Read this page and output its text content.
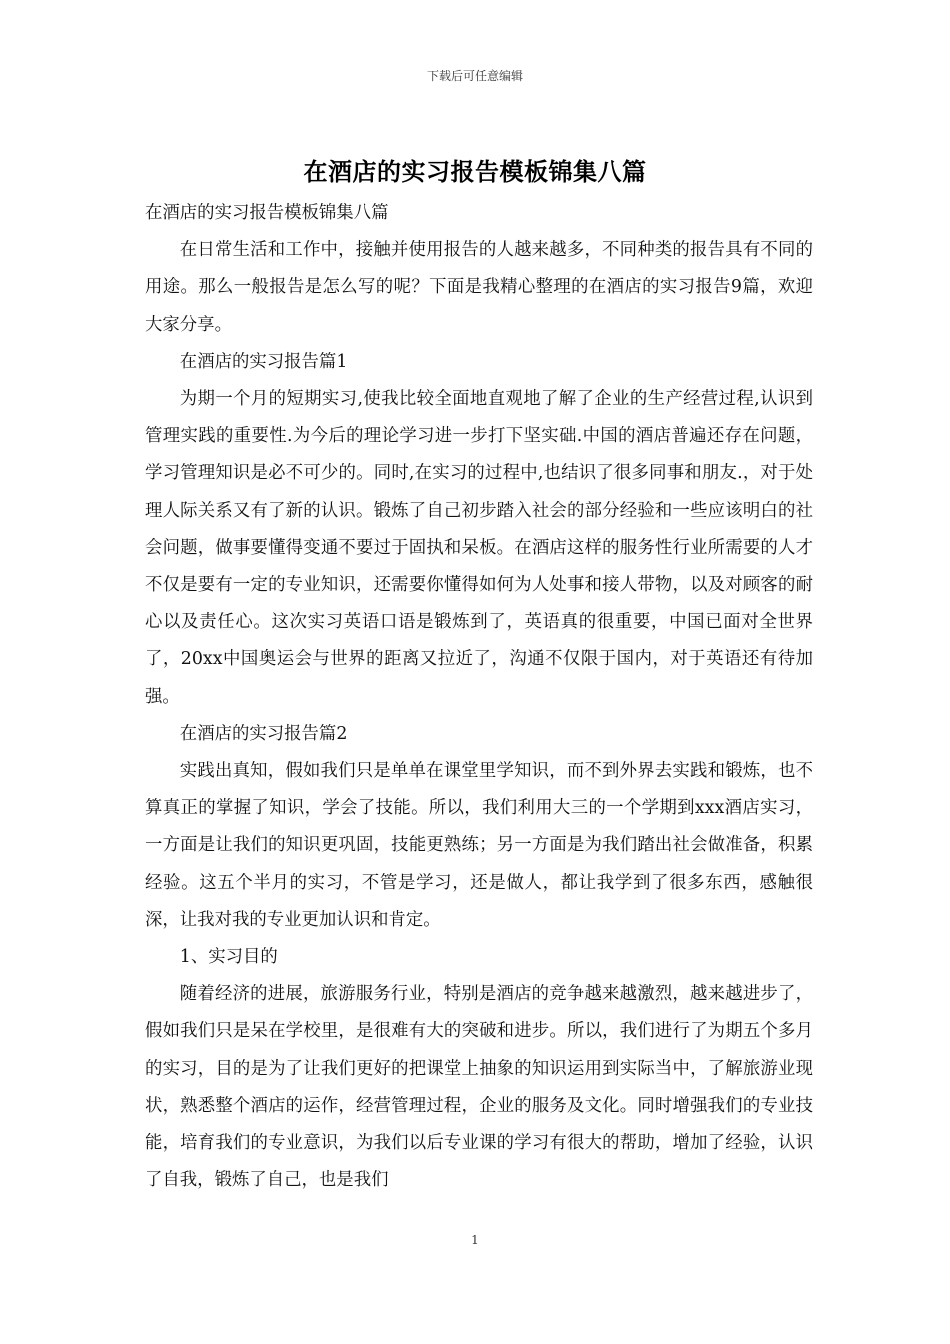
下载后可任意编辑
在酒店的实习报告模板锦集八篇

在酒店的实习报告模板锦集八篇

在日常生活和工作中，接触并使用报告的人越来越多，不同种类的报告具有不同的用途。那么一般报告是怎么写的呢？下面是我精心整理的在酒店的实习报告9篇，欢迎大家分享。

在酒店的实习报告篇1

为期一个月的短期实习,使我比较全面地直观地了解了企业的生产经营过程,认识到管理实践的重要性.为今后的理论学习进一步打下坚实础.中国的酒店普遍还存在问题，学习管理知识是必不可少的。同时,在实习的过程中,也结识了很多同事和朋友.，对于处理人际关系又有了新的认识。锻炼了自己初步踏入社会的部分经验和一些应该明白的社会问题，做事要懂得变通不要过于固执和呆板。在酒店这样的服务性行业所需要的人才不仅是要有一定的专业知识，还需要你懂得如何为人处事和接人带物，以及对顾客的耐心以及责任心。这次实习英语口语是锻炼到了，英语真的很重要，中国已面对全世界了，20xx中国奥运会与世界的距离又拉近了，沟通不仅限于国内，对于英语还有待加强。

在酒店的实习报告篇2

实践出真知，假如我们只是单单在课堂里学知识，而不到外界去实践和锻炼，也不算真正的掌握了知识，学会了技能。所以，我们利用大三的一个学期到xxx酒店实习，一方面是让我们的知识更巩固，技能更熟练；另一方面是为我们踏出社会做准备，积累经验。这五个半月的实习，不管是学习，还是做人，都让我学到了很多东西，感触很深，让我对我的专业更加认识和肯定。

1、实习目的

随着经济的进展，旅游服务行业，特别是酒店的竞争越来越激烈，越来越进步了，假如我们只是呆在学校里，是很难有大的突破和进步。所以，我们进行了为期五个多月的实习，目的是为了让我们更好的把课堂上抽象的知识运用到实际当中，了解旅游业现状，熟悉整个酒店的运作，经营管理过程，企业的服务及文化。同时增强我们的专业技能，培育我们的专业意识，为我们以后专业课的学习有很大的帮助，增加了经验，认识了自我，锻炼了自己，也是我们

1
